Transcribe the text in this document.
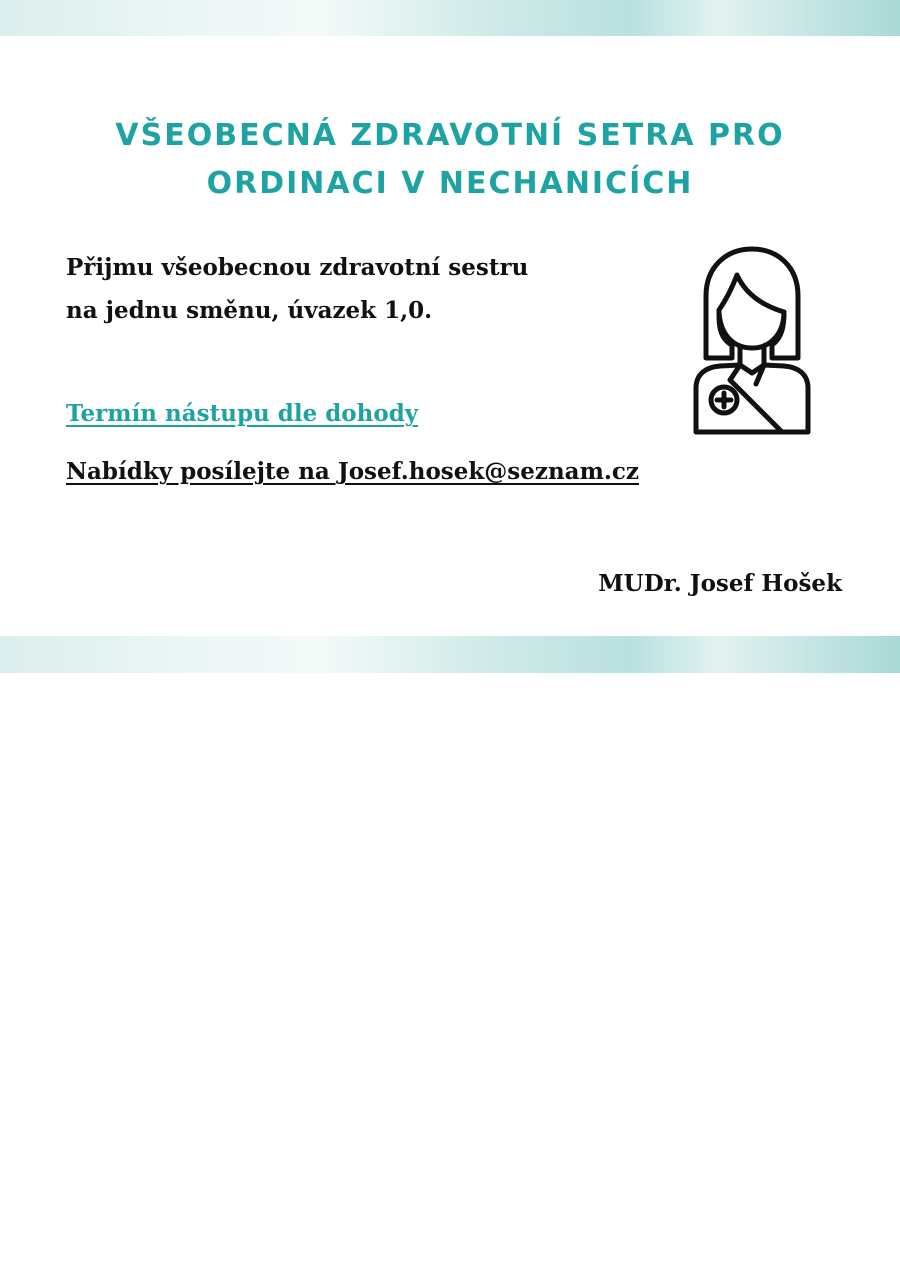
VŠEOBECNÁ ZDRAVOTNÍ SETRA PRO
ORDINACI V NECHANICÍCH

Přijmu všeobecnou zdravotní sestru

na jednu směnu, úvazek 1,0.

Termín nástupu dle dohody

Nabídky posílejte na Josef.hosek@seznam.cz

MUDr. Josef Hošek
